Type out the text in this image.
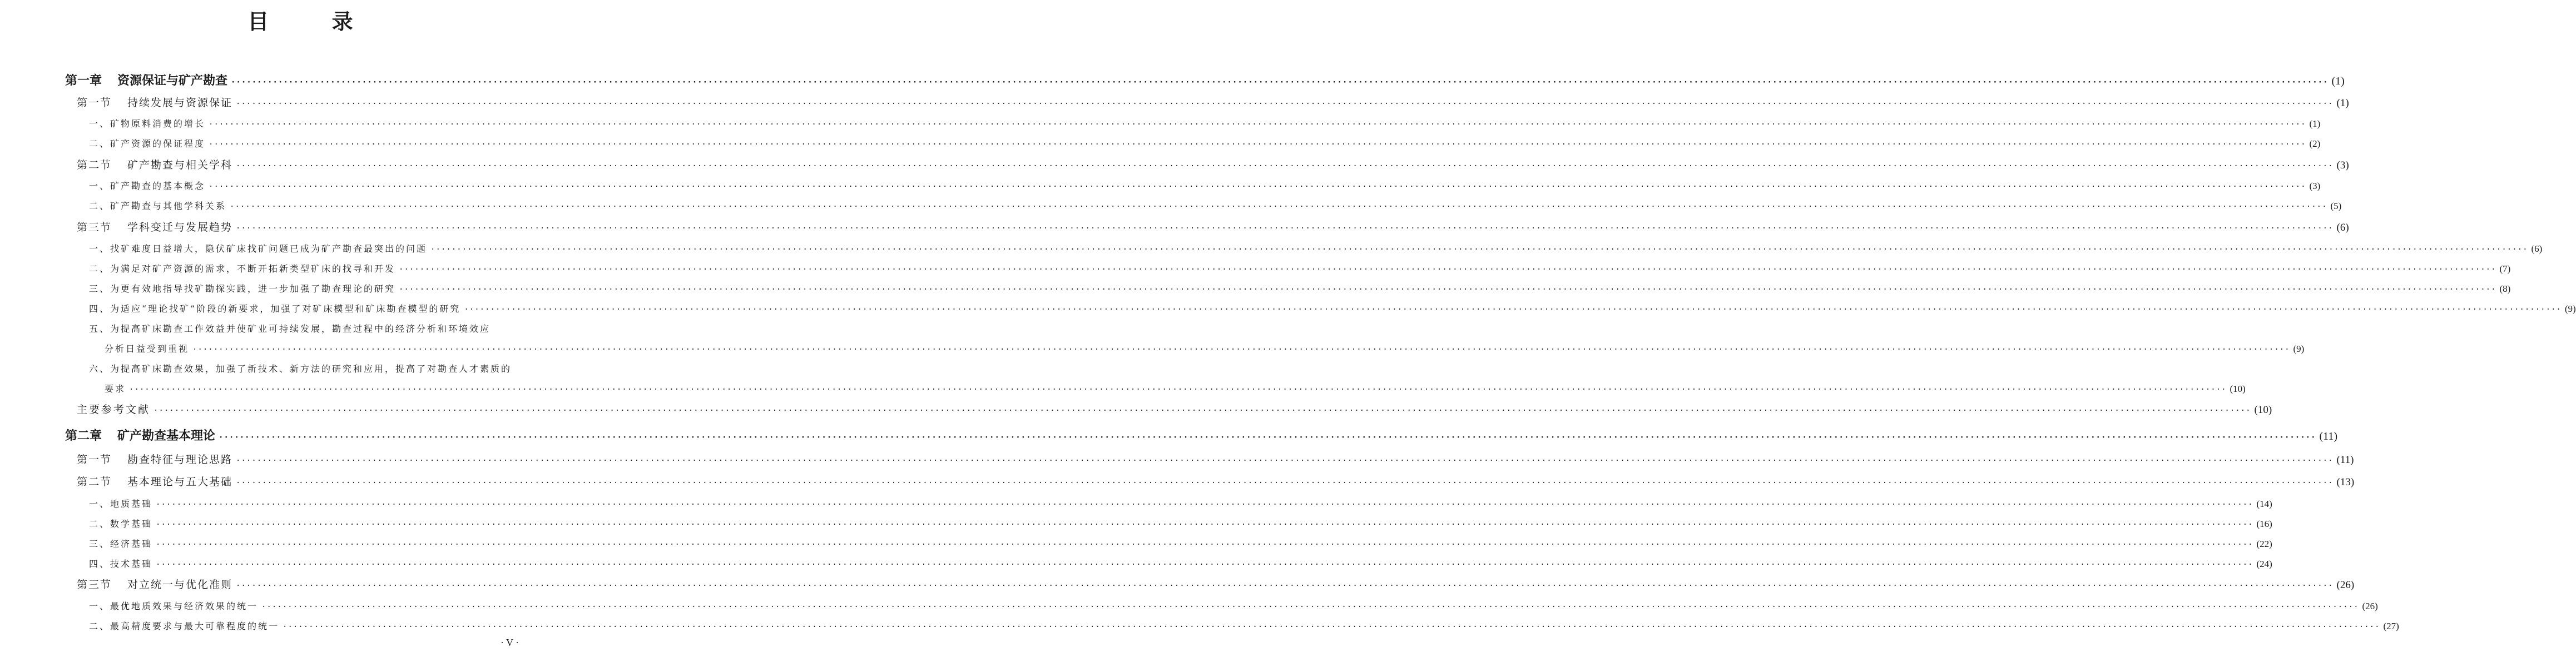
目 录
第一章 资源保证与矿产勘查 ················································································································································································································································································································································································································ (1)
第一节 持续发展与资源保证 ················································································································································································································································································································································································································ (1)
一、矿物原料消费的增长 ················································································································································································································································································································································································································ (1)
二、矿产资源的保证程度 ················································································································································································································································································································································································································ (2)
第二节 矿产勘查与相关学科 ················································································································································································································································································································································································································ (3)
一、矿产勘查的基本概念 ················································································································································································································································································································································································································ (3)
二、矿产勘查与其他学科关系 ················································································································································································································································································································································································································ (5)
第三节 学科变迁与发展趋势 ················································································································································································································································································································································································································ (6)
一、找矿难度日益增大，隐伏矿床找矿问题已成为矿产勘查最突出的问题 ················································································································································································································································································································································································································ (6)
二、为满足对矿产资源的需求，不断开拓新类型矿床的找寻和开发 ················································································································································································································································································································································································································ (7)
三、为更有效地指导找矿勘探实践，进一步加强了勘查理论的研究 ················································································································································································································································································································································································································ (8)
四、为适应“理论找矿”阶段的新要求，加强了对矿床模型和矿床勘查模型的研究 ················································································································································································································································································································································································································ (9)
五、为提高矿床勘查工作效益并使矿业可持续发展，勘查过程中的经济分析和环境效应
分析日益受到重视 ················································································································································································································································································································································································································ (9)
六、为提高矿床勘查效果，加强了新技术、新方法的研究和应用，提高了对勘查人才素质的
要求 ················································································································································································································································································································································································································ (10)
主要参考文献 ················································································································································································································································································································································································································ (10)
第二章 矿产勘查基本理论 ················································································································································································································································································································································································································ (11)
第一节 勘查特征与理论思路 ················································································································································································································································································································································································································ (11)
第二节 基本理论与五大基础 ················································································································································································································································································································································································································ (13)
一、地质基础 ················································································································································································································································································································································································································ (14)
二、数学基础 ················································································································································································································································································································································································································ (16)
三、经济基础 ················································································································································································································································································································································································································ (22)
四、技术基础 ················································································································································································································································································································································································································ (24)
第三节 对立统一与优化准则 ················································································································································································································································································································································································································ (26)
一、最优地质效果与经济效果的统一 ················································································································································································································································································································································································································ (26)
二、最高精度要求与最大可靠程度的统一 ················································································································································································································································································································································································································ (27)
·V·
